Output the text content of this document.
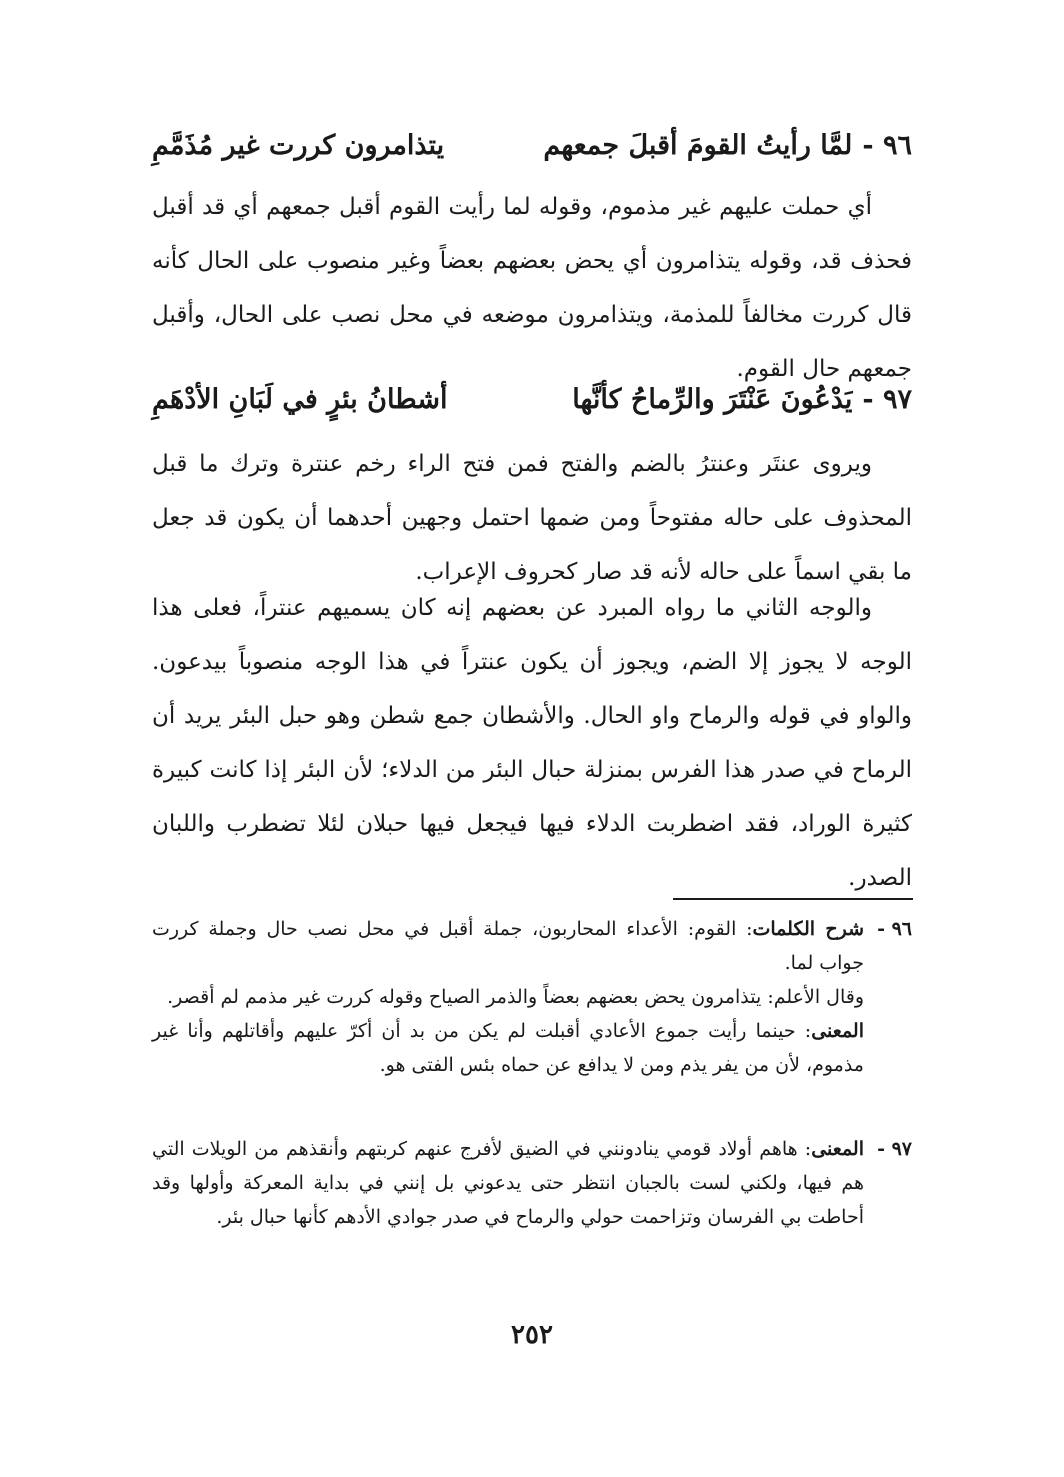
٩٦ -
لمَّا رأيتُ القومَ أقبلَ جمعهم
يتذامرون كررت غير مُذَمَّمِ
أي حملت عليهم غير مذموم، وقوله لما رأيت القوم أقبل جمعهم أي قد أقبل فحذف قد، وقوله يتذامرون أي يحض بعضهم بعضاً وغير منصوب على الحال كأنه قال كررت مخالفاً للمذمة، ويتذامرون موضعه في محل نصب على الحال، وأقبل جمعهم حال القوم.
٩٧ -
يَدْعُونَ عَنْتَرَ والرِّماحُ كأنَّها
أشطانُ بئرٍ في لَبَانِ الأدْهَمِ
ويروى عنتَر وعنترُ بالضم والفتح فمن فتح الراء رخم عنترة وترك ما قبل المحذوف على حاله مفتوحاً ومن ضمها احتمل وجهين أحدهما أن يكون قد جعل ما بقي اسماً على حاله لأنه قد صار كحروف الإعراب.
والوجه الثاني ما رواه المبرد عن بعضهم إنه كان يسميهم عنتراً، فعلى هذا الوجه لا يجوز إلا الضم، ويجوز أن يكون عنتراً في هذا الوجه منصوباً بيدعون. والواو في قوله والرماح واو الحال. والأشطان جمع شطن وهو حبل البئر يريد أن الرماح في صدر هذا الفرس بمنزلة حبال البئر من الدلاء؛ لأن البئر إذا كانت كبيرة كثيرة الوراد، فقد اضطربت الدلاء فيها فيجعل فيها حبلان لئلا تضطرب واللبان الصدر.
٩٦ -
شرح الكلمات: القوم: الأعداء المحاربون، جملة أقبل في محل نصب حال وجملة كررت جواب لما.
وقال الأعلم: يتذامرون يحض بعضهم بعضاً والذمر الصياح وقوله كررت غير مذمم لم أقصر.
المعنى: حينما رأيت جموع الأعادي أقبلت لم يكن من بد أن أكرّ عليهم وأقاتلهم وأنا غير مذموم، لأن من يفر يذم ومن لا يدافع عن حماه بئس الفتى هو.
٩٧ -
المعنى: هاهم أولاد قومي ينادونني في الضيق لأفرج عنهم كربتهم وأنقذهم من الويلات التي هم فيها، ولكني لست بالجبان انتظر حتى يدعوني بل إنني في بداية المعركة وأولها وقد أحاطت بي الفرسان وتزاحمت حولي والرماح في صدر جوادي الأدهم كأنها حبال بئر.
٢٥٢
